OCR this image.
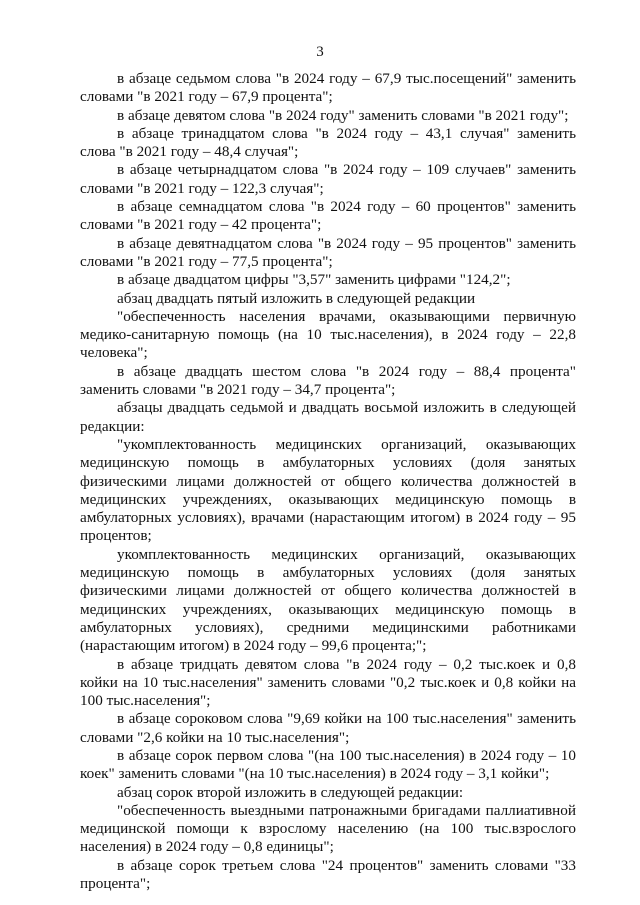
3

в абзаце седьмом слова "в 2024 году – 67,9 тыс.посещений" заменить словами "в 2021 году – 67,9 процента";

в абзаце девятом слова "в 2024 году" заменить словами "в 2021 году";

в абзаце тринадцатом слова "в 2024 году – 43,1 случая" заменить слова "в 2021 году – 48,4 случая";

в абзаце четырнадцатом слова "в 2024 году – 109 случаев" заменить словами "в 2021 году – 122,3 случая";

в абзаце семнадцатом слова "в 2024 году – 60 процентов" заменить словами "в 2021 году – 42 процента";

в абзаце девятнадцатом слова "в 2024 году – 95 процентов" заменить словами "в 2021 году – 77,5 процента";

в абзаце двадцатом цифры "3,57" заменить цифрами "124,2";

абзац двадцать пятый изложить в следующей редакции

"обеспеченность населения врачами, оказывающими первичную медико-санитарную помощь (на 10 тыс.населения), в 2024 году – 22,8 человека";

в абзаце двадцать шестом слова "в 2024 году – 88,4 процента" заменить словами "в 2021 году – 34,7 процента";

абзацы двадцать седьмой и двадцать восьмой изложить в следующей редакции:

"укомплектованность медицинских организаций, оказывающих медицинскую помощь в амбулаторных условиях (доля занятых физическими лицами должностей от общего количества должностей в медицинских учреждениях, оказывающих медицинскую помощь в амбулаторных условиях), врачами (нарастающим итогом) в 2024 году – 95 процентов;

укомплектованность медицинских организаций, оказывающих медицинскую помощь в амбулаторных условиях (доля занятых физическими лицами должностей от общего количества должностей в медицинских учреждениях, оказывающих медицинскую помощь в амбулаторных условиях), средними медицинскими работниками (нарастающим итогом) в 2024 году – 99,6 процента;";

в абзаце тридцать девятом слова "в 2024 году – 0,2 тыс.коек и 0,8 койки на 10 тыс.населения" заменить словами "0,2 тыс.коек и 0,8 койки на 100 тыс.населения";

в абзаце сороковом слова "9,69 койки на 100 тыс.населения" заменить словами "2,6 койки на 10 тыс.населения";

в абзаце сорок первом слова "(на 100 тыс.населения) в 2024 году – 10 коек" заменить словами "(на 10 тыс.населения) в 2024 году – 3,1 койки";

абзац сорок второй изложить в следующей редакции:

"обеспеченность выездными патронажными бригадами паллиативной медицинской помощи к взрослому населению (на 100 тыс.взрослого населения) в 2024 году – 0,8 единицы";

в абзаце сорок третьем слова "24 процентов" заменить словами "33 процента";
